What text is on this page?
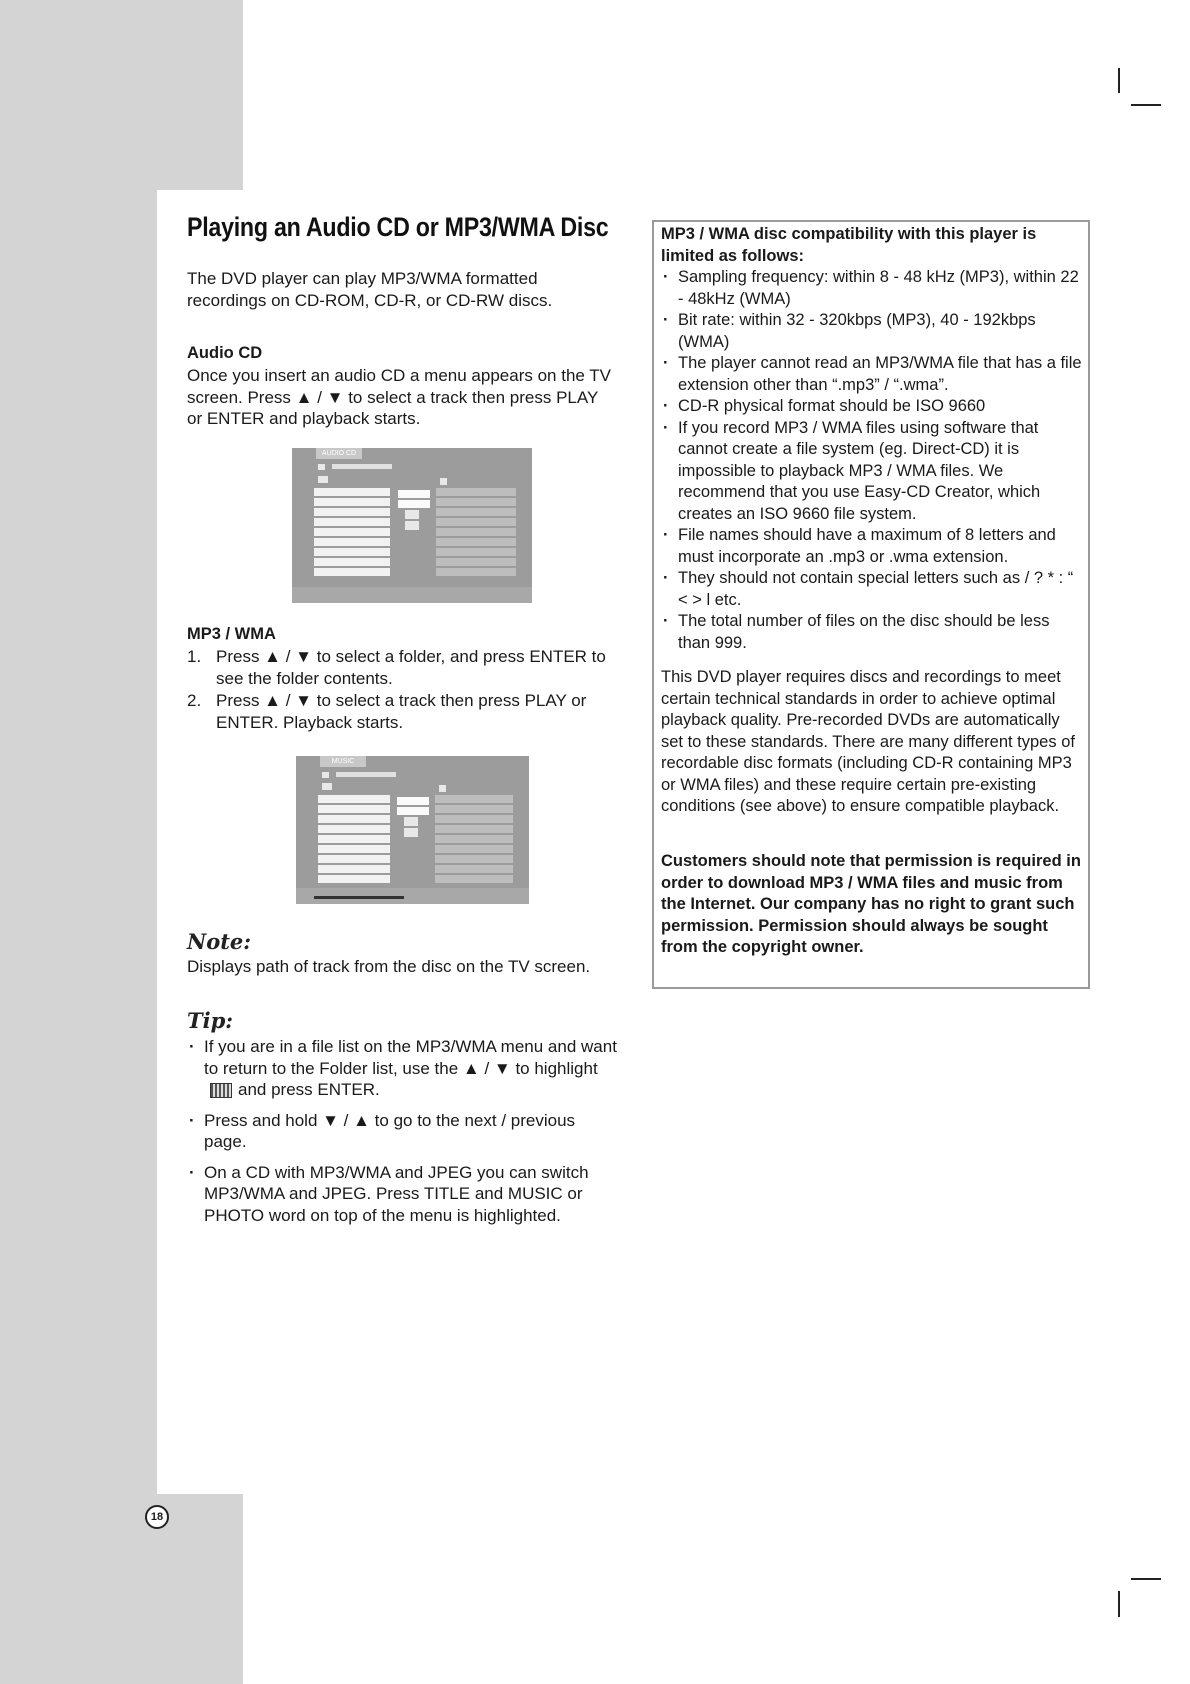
Playing an Audio CD or MP3/WMA Disc
The DVD player can play MP3/WMA formatted recordings on CD-ROM, CD-R, or CD-RW discs.
Audio CD
Once you insert an audio CD a menu appears on the TV screen. Press ▲ / ▼ to select a track then press PLAY or ENTER and playback starts.
AUDIO CD
MP3 / WMA
1. Press ▲ / ▼ to select a folder, and press ENTER to see the folder contents.
2. Press ▲ / ▼ to select a track then press PLAY or ENTER. Playback starts.
MUSIC
Note:
Displays path of track from the disc on the TV screen.
Tip:
· If you are in a file list on the MP3/WMA menu and want to return to the Folder list, use the ▲ / ▼ to highlightand press ENTER.
· Press and hold ▼ / ▲ to go to the next / previous page.
· On a CD with MP3/WMA and JPEG you can switch MP3/WMA and JPEG. Press TITLE and MUSIC or PHOTO word on top of the menu is highlighted.
MP3 / WMA disc compatibility with this player is limited as follows:
· Sampling frequency: within 8 - 48 kHz (MP3), within 22 - 48kHz (WMA)
· Bit rate: within 32 - 320kbps (MP3), 40 - 192kbps (WMA)
· The player cannot read an MP3/WMA file that has a file extension other than “.mp3” / “.wma”.
· CD-R physical format should be ISO 9660
· If you record MP3 / WMA files using software that cannot create a file system (eg. Direct-CD) it is impossible to playback MP3 / WMA files. We recommend that you use Easy-CD Creator, which creates an ISO 9660 file system.
· File names should have a maximum of 8 letters and must incorporate an .mp3 or .wma extension.
· They should not contain special letters such as / ? * : “ < > l etc.
· The total number of files on the disc should be less than 999.
This DVD player requires discs and recordings to meet certain technical standards in order to achieve optimal playback quality. Pre-recorded DVDs are automatically set to these standards. There are many different types of recordable disc formats (including CD-R containing MP3 or WMA files) and these require certain pre-existing conditions (see above) to ensure compatible playback.
Customers should note that permission is required in order to download MP3 / WMA files and music from the Internet. Our company has no right to grant such permission. Permission should always be sought from the copyright owner.
18
